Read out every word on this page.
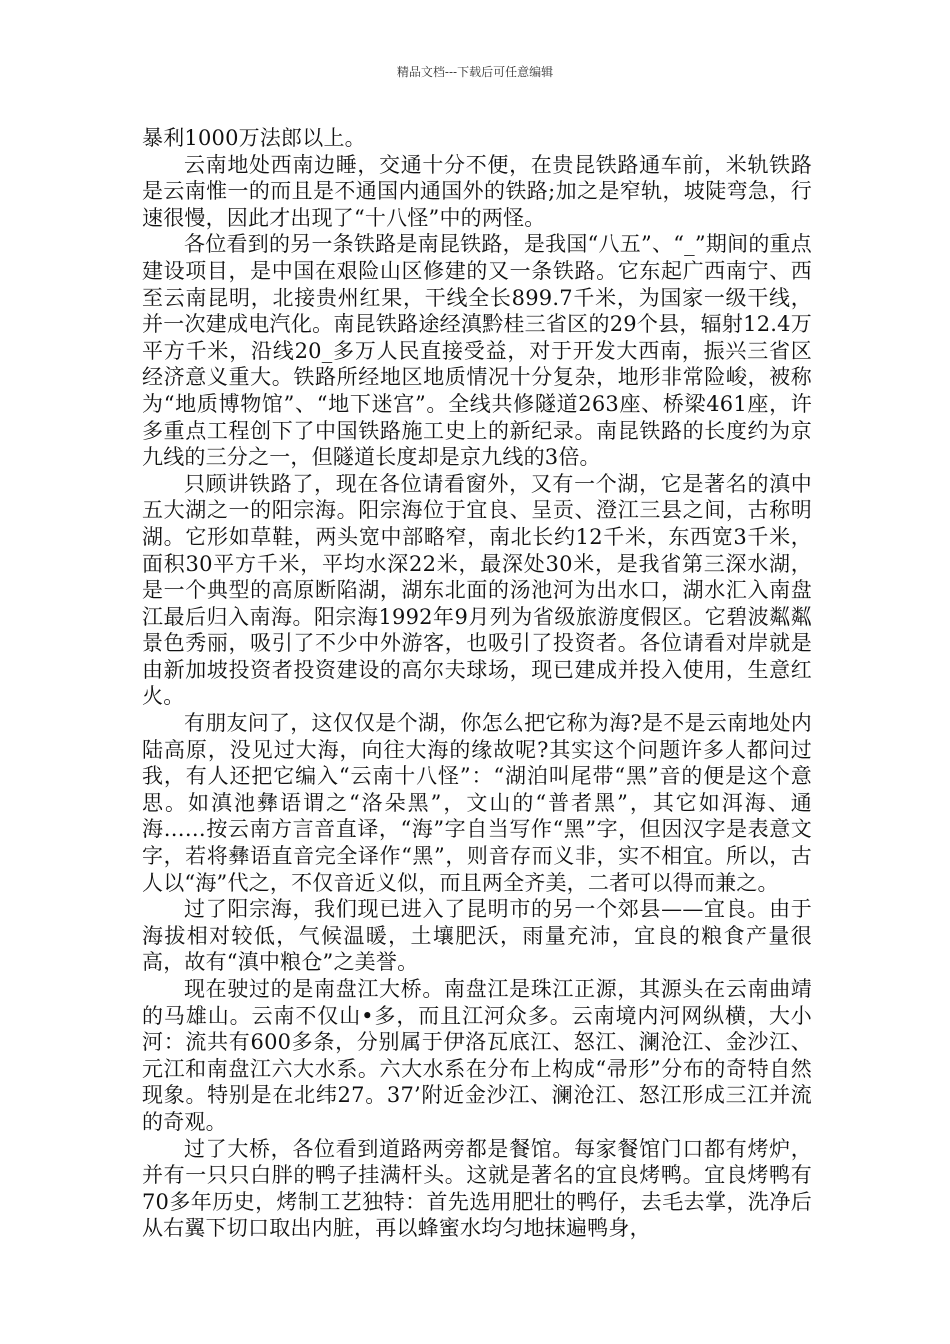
精品文档---下载后可任意编辑

暴利1000万法郎以上。

云南地处西南边睡，交通十分不便，在贵昆铁路通车前，米轨铁路是云南惟一的而且是不通国内通国外的铁路;加之是窄轨，坡陡弯急，行速很慢，因此才出现了“十八怪”中的两怪。

各位看到的另一条铁路是南昆铁路，是我国“八五”、“_”期间的重点建设项目，是中国在艰险山区修建的又一条铁路。它东起广西南宁、西至云南昆明，北接贵州红果，干线全长899.7千米，为国家一级干线，并一次建成电汽化。南昆铁路途经滇黔桂三省区的29个县，辐射12.4万平方千米，沿线20_多万人民直接受益，对于开发大西南，振兴三省区经济意义重大。铁路所经地区地质情况十分复杂，地形非常险峻，被称为“地质博物馆”、“地下迷宫”。全线共修隧道263座、桥梁461座，许多重点工程创下了中国铁路施工史上的新纪录。南昆铁路的长度约为京九线的三分之一，但隧道长度却是京九线的3倍。

只顾讲铁路了，现在各位请看窗外，又有一个湖，它是著名的滇中五大湖之一的阳宗海。阳宗海位于宜良、呈贡、澄江三县之间，古称明湖。它形如草鞋，两头宽中部略窄，南北长约12千米，东西宽3千米，面积30平方千米，平均水深22米，最深处30米，是我省第三深水湖，是一个典型的高原断陷湖，湖东北面的汤池河为出水口，湖水汇入南盘江最后归入南海。阳宗海1992年9月列为省级旅游度假区。它碧波粼粼景色秀丽，吸引了不少中外游客，也吸引了投资者。各位请看对岸就是由新加坡投资者投资建设的高尔夫球场，现已建成并投入使用，生意红火。

有朋友问了，这仅仅是个湖，你怎么把它称为海?是不是云南地处内陆高原，没见过大海，向往大海的缘故呢?其实这个问题许多人都问过我，有人还把它编入“云南十八怪”：“湖泊叫尾带“黑”音的便是这个意思。如滇池彝语谓之“洛朵黑”，文山的“普者黑”，其它如洱海、通海……按云南方言音直译，“海”字自当写作“黑”字，但因汉字是表意文字，若将彝语直音完全译作“黑”，则音存而义非，实不相宜。所以，古人以“海”代之，不仅音近义似，而且两全齐美，二者可以得而兼之。

过了阳宗海，我们现已进入了昆明市的另一个郊县——宜良。由于海拔相对较低，气候温暖，土壤肥沃，雨量充沛，宜良的粮食产量很高，故有“滇中粮仓”之美誉。

现在驶过的是南盘江大桥。南盘江是珠江正源，其源头在云南曲靖的马雄山。云南不仅山•多，而且江河众多。云南境内河网纵横，大小河：流共有600多条，分别属于伊洛瓦底江、怒江、澜沧江、金沙江、元江和南盘江六大水系。六大水系在分布上构成“帚形”分布的奇特自然现象。特别是在北纬27。37’附近金沙江、澜沧江、怒江形成三江并流的奇观。

过了大桥，各位看到道路两旁都是餐馆。每家餐馆门口都有烤炉，并有一只只白胖的鸭子挂满杆头。这就是著名的宜良烤鸭。宜良烤鸭有70多年历史，烤制工艺独特：首先选用肥壮的鸭仔，去毛去掌，洗净后从右翼下切口取出内脏，再以蜂蜜水均匀地抹遍鸭身，
